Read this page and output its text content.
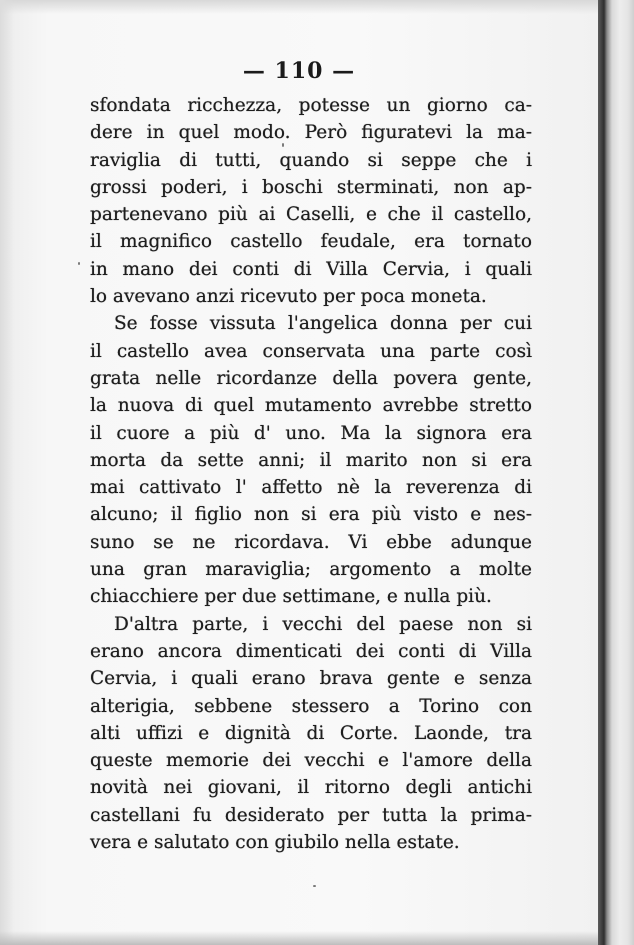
— 110 —
sfondata ricchezza, potesse un giorno ca-
dere in quel modo. Però figuratevi la ma-
raviglia di tutti, quando si seppe che i
grossi poderi, i boschi sterminati, non ap-
partenevano più ai Caselli, e che il castello,
il magnifico castello feudale, era tornato
in mano dei conti di Villa Cervia, i quali
lo avevano anzi ricevuto per poca moneta.
Se fosse vissuta l'angelica donna per cui
il castello avea conservata una parte così
grata nelle ricordanze della povera gente,
la nuova di quel mutamento avrebbe stretto
il cuore a più d' uno. Ma la signora era
morta da sette anni; il marito non si era
mai cattivato l' affetto nè la reverenza di
alcuno; il figlio non si era più visto e nes-
suno se ne ricordava. Vi ebbe adunque
una gran maraviglia; argomento a molte
chiacchiere per due settimane, e nulla più.
D'altra parte, i vecchi del paese non si
erano ancora dimenticati dei conti di Villa
Cervia, i quali erano brava gente e senza
alterigia, sebbene stessero a Torino con
alti uffizi e dignità di Corte. Laonde, tra
queste memorie dei vecchi e l'amore della
novità nei giovani, il ritorno degli antichi
castellani fu desiderato per tutta la prima-
vera e salutato con giubilo nella estate.
